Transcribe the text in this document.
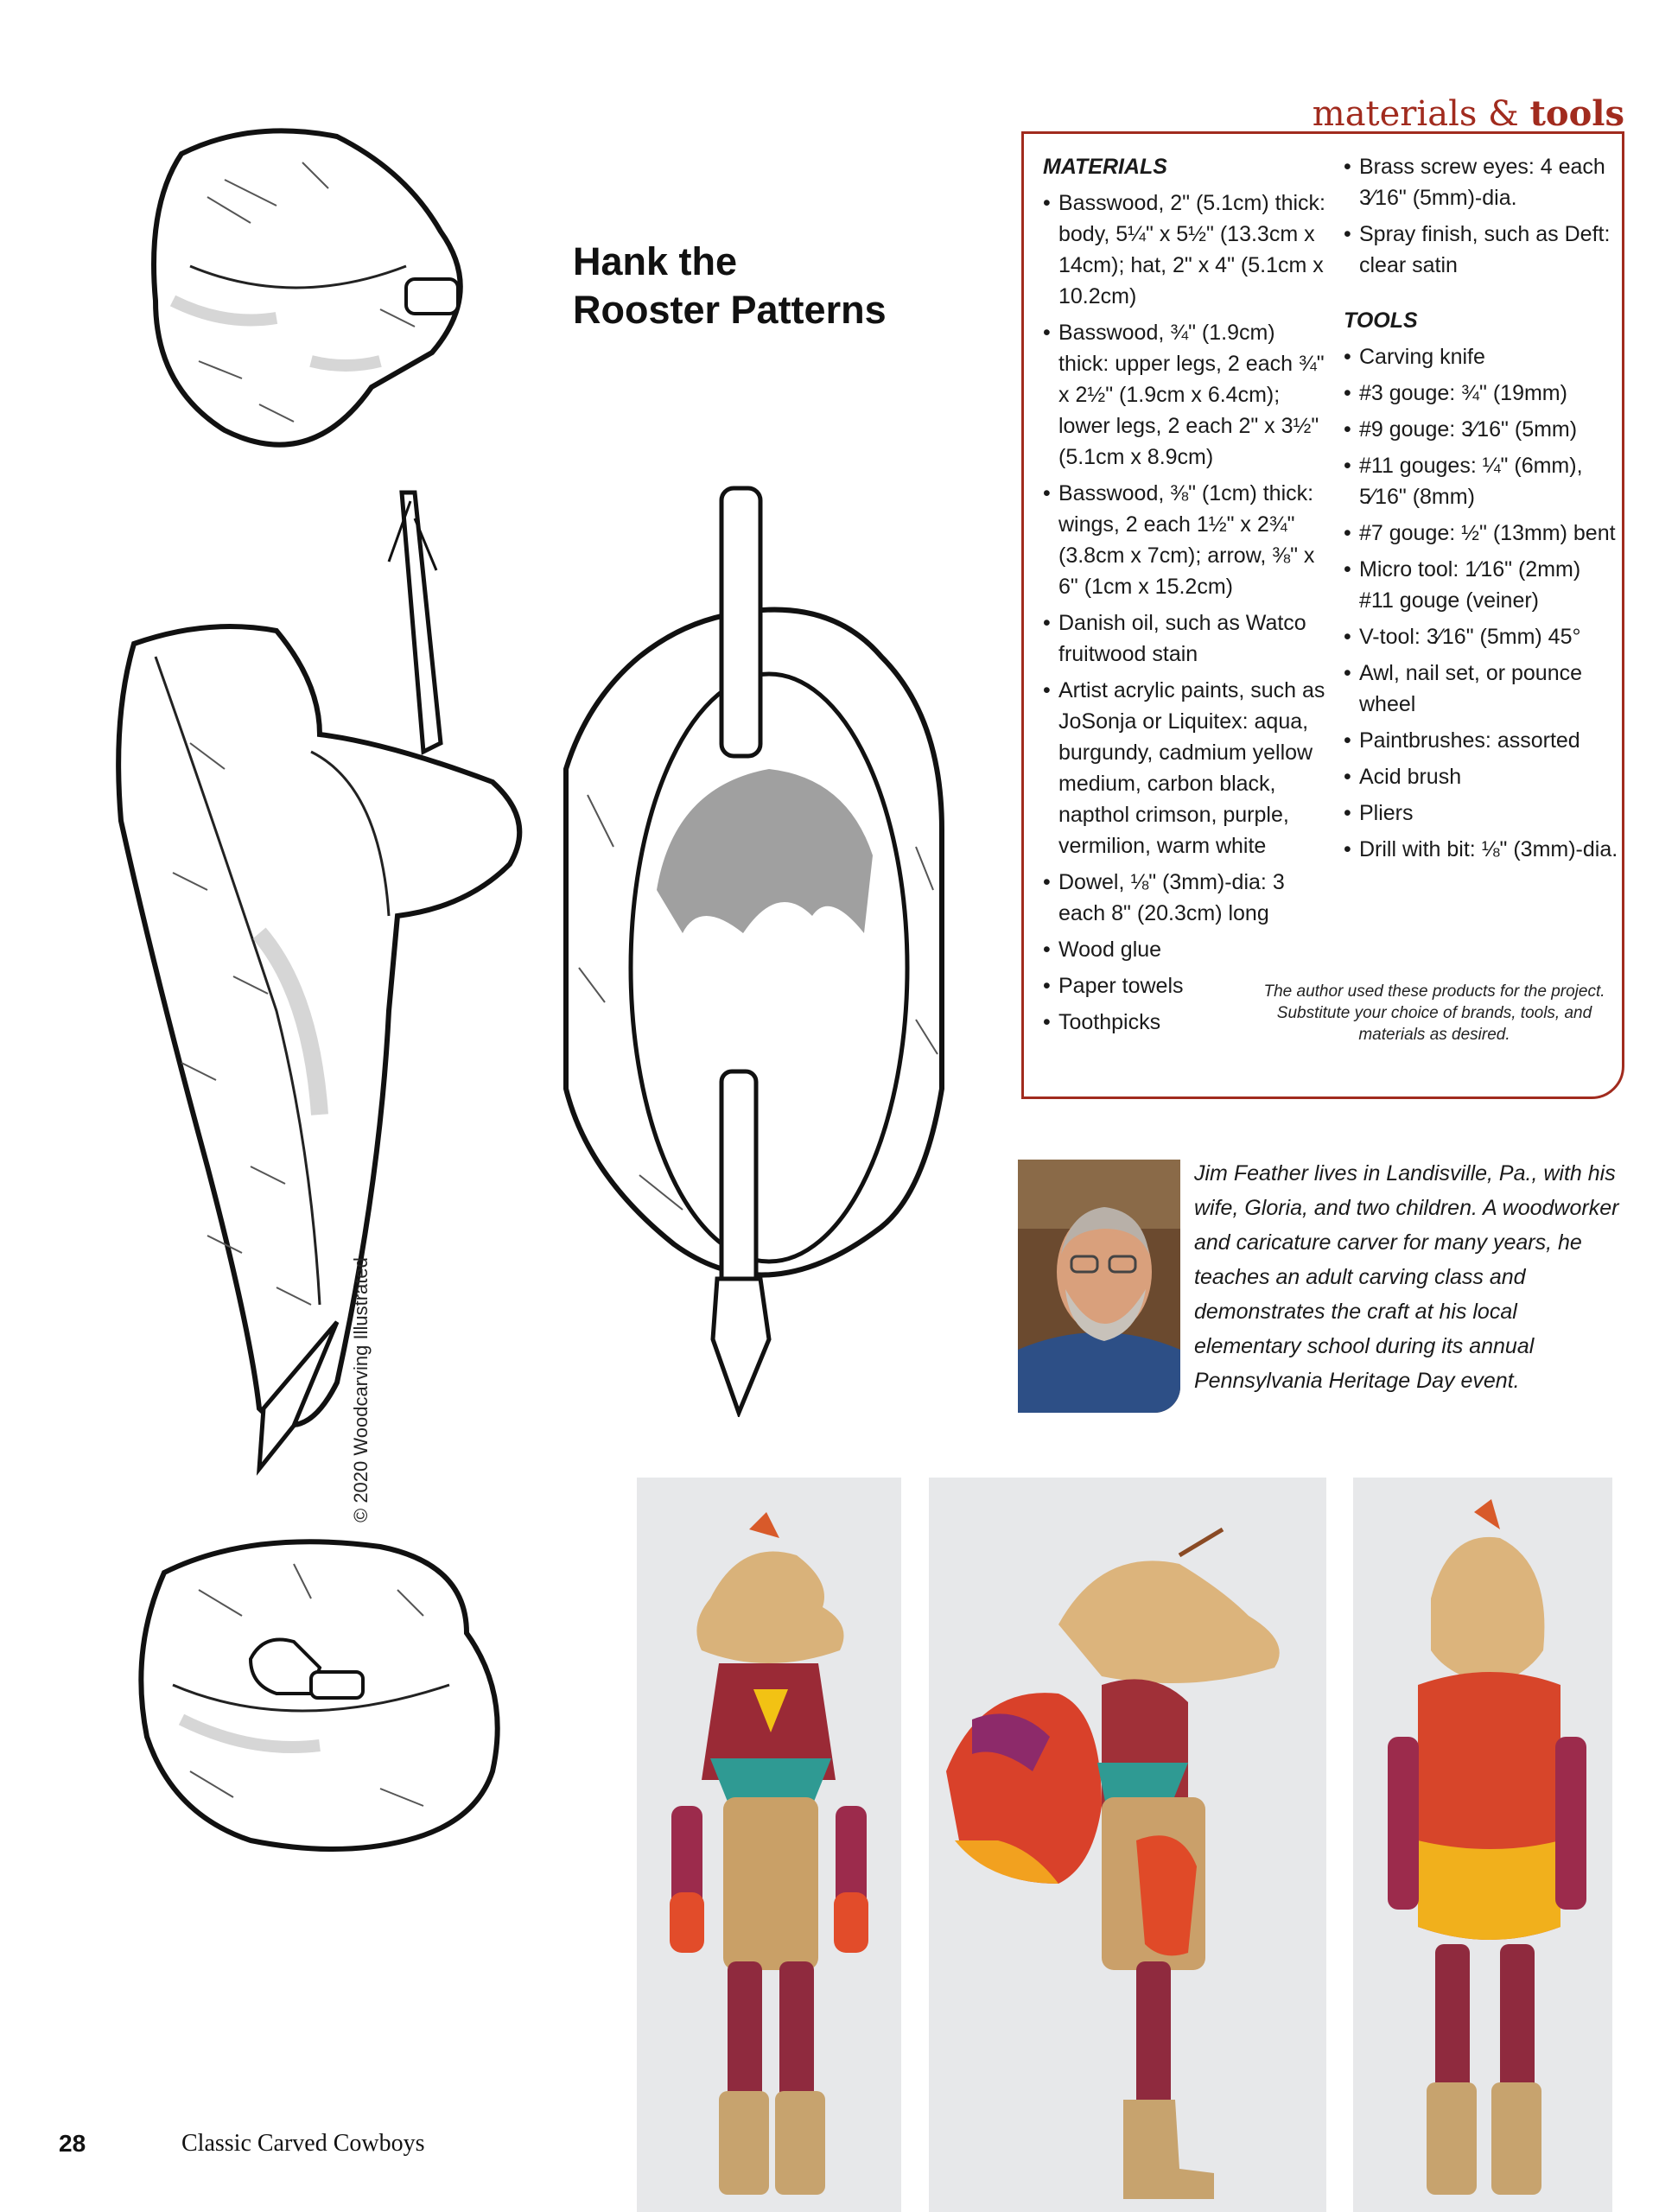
Hank the
Rooster Patterns
© 2020 Woodcarving Illustrated
materials & tools
MATERIALS
• Basswood, 2" (5.1cm) thick: body, 5¼" x 5½" (13.3cm x 14cm); hat, 2" x 4" (5.1cm x 10.2cm)
• Basswood, ¾" (1.9cm) thick: upper legs, 2 each ¾" x 2½" (1.9cm x 6.4cm); lower legs, 2 each 2" x 3½" (5.1cm x 8.9cm)
• Basswood, ⅜" (1cm) thick: wings, 2 each 1½" x 2¾" (3.8cm x 7cm); arrow, ⅜" x 6" (1cm x 15.2cm)
• Danish oil, such as Watco fruitwood stain
• Artist acrylic paints, such as JoSonja or Liquitex: aqua, burgundy, cadmium yellow medium, carbon black, napthol crimson, purple, vermilion, warm white
• Dowel, ⅛" (3mm)-dia: 3 each 8" (20.3cm) long
• Wood glue
• Paper towels
• Toothpicks
• Brass screw eyes: 4 each 3⁄16" (5mm)-dia.
• Spray finish, such as Deft: clear satin
TOOLS
• Carving knife
• #3 gouge: ¾" (19mm)
• #9 gouge: 3⁄16" (5mm)
• #11 gouges: ¼" (6mm), 5⁄16" (8mm)
• #7 gouge: ½" (13mm) bent
• Micro tool: 1⁄16" (2mm) #11 gouge (veiner)
• V-tool: 3⁄16" (5mm) 45°
• Awl, nail set, or pounce wheel
• Paintbrushes: assorted
• Acid brush
• Pliers
• Drill with bit: ⅛" (3mm)-dia.
The author used these products for the project. Substitute your choice of brands, tools, and materials as desired.
Jim Feather lives in Landisville, Pa., with his wife, Gloria, and two children. A woodworker and caricature carver for many years, he teaches an adult carving class and demonstrates the craft at his local elementary school during its annual Pennsylvania Heritage Day event.
28	Classic Carved Cowboys
